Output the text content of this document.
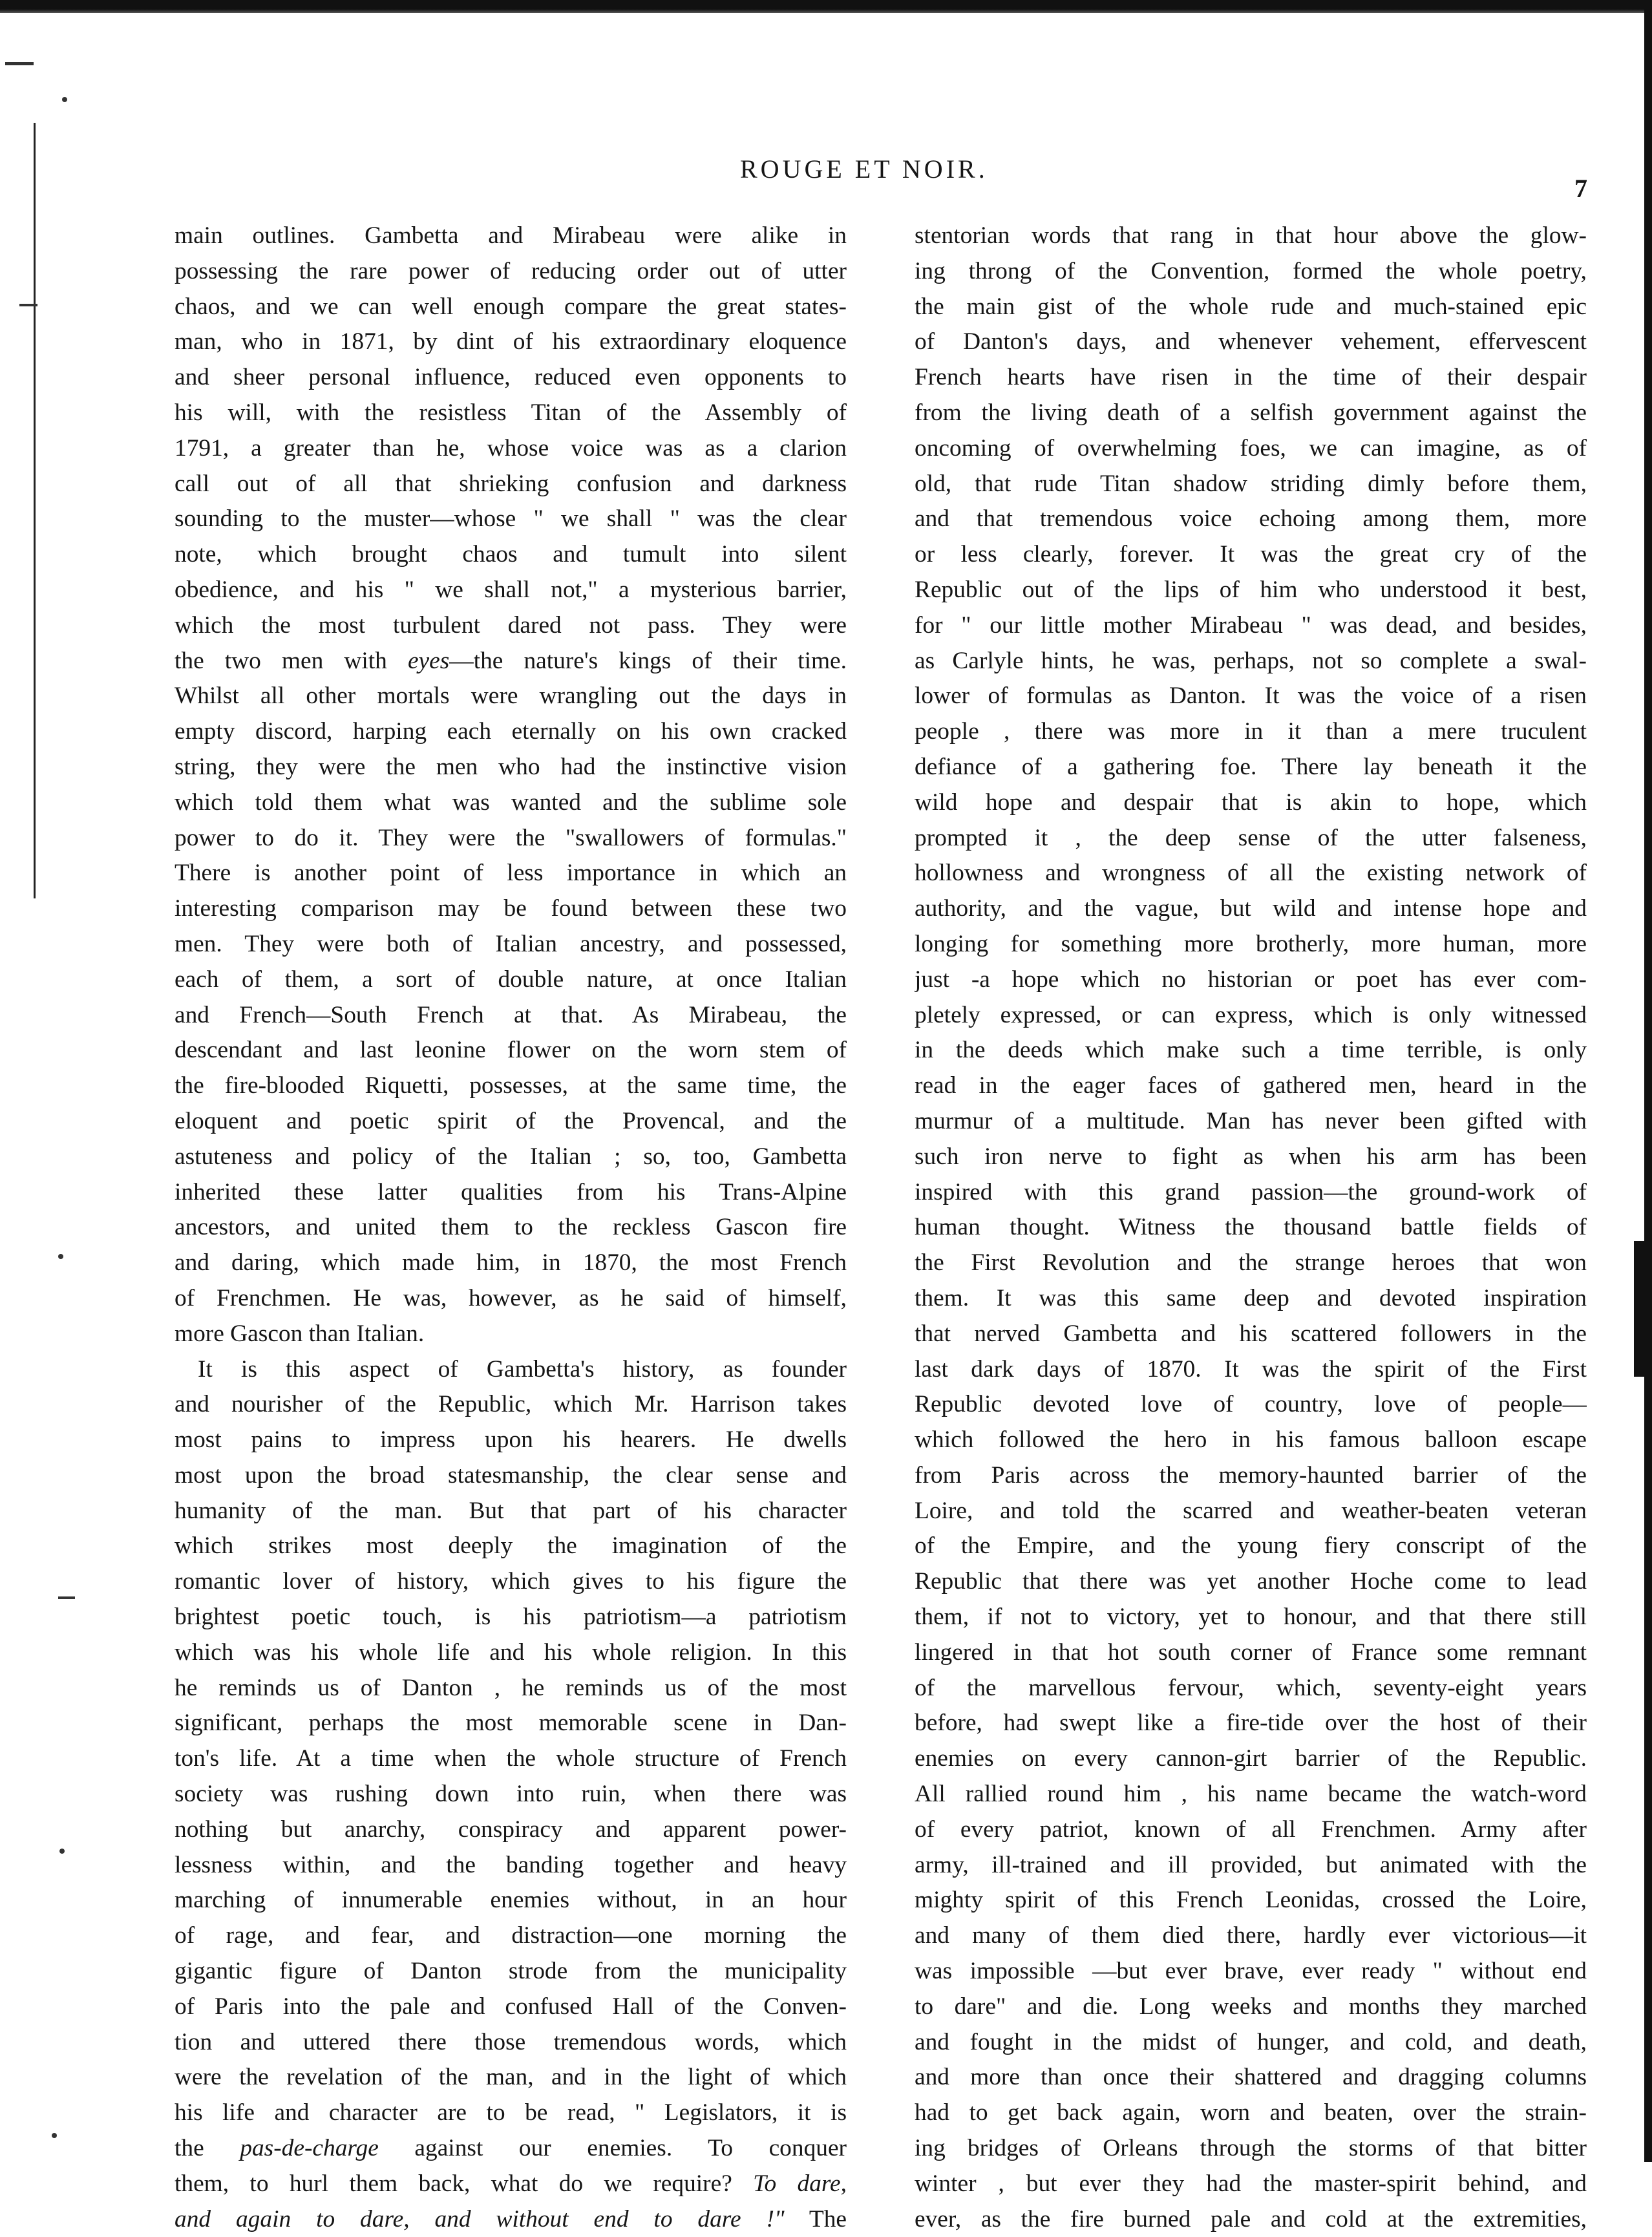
ROUGE ET NOIR.
7
main outlines. Gambetta and Mirabeau were alike in
possessing the rare power of reducing order out of utter
chaos, and we can well enough compare the great states-
man, who in 1871, by dint of his extraordinary eloquence
and sheer personal influence, reduced even opponents to
his will, with the resistless Titan of the Assembly of
1791, a greater than he, whose voice was as a clarion
call out of all that shrieking confusion and darkness
sounding to the muster—whose " we shall " was the clear
note, which brought chaos and tumult into silent
obedience, and his " we shall not," a mysterious barrier,
which the most turbulent dared not pass. They were
the two men with eyes—the nature's kings of their time.
Whilst all other mortals were wrangling out the days in
empty discord, harping each eternally on his own cracked
string, they were the men who had the instinctive vision
which told them what was wanted and the sublime sole
power to do it. They were the "swallowers of formulas."
There is another point of less importance in which an
interesting comparison may be found between these two
men. They were both of Italian ancestry, and possessed,
each of them, a sort of double nature, at once Italian
and French—South French at that. As Mirabeau, the
descendant and last leonine flower on the worn stem of
the fire-blooded Riquetti, possesses, at the same time, the
eloquent and poetic spirit of the Provencal, and the
astuteness and policy of the Italian ; so, too, Gambetta
inherited these latter qualities from his Trans-Alpine
ancestors, and united them to the reckless Gascon fire
and daring, which made him, in 1870, the most French
of Frenchmen. He was, however, as he said of himself,
more Gascon than Italian.
It is this aspect of Gambetta's history, as founder
and nourisher of the Republic, which Mr. Harrison takes
most pains to impress upon his hearers. He dwells
most upon the broad statesmanship, the clear sense and
humanity of the man. But that part of his character
which strikes most deeply the imagination of the
romantic lover of history, which gives to his figure the
brightest poetic touch, is his patriotism—a patriotism
which was his whole life and his whole religion. In this
he reminds us of Danton , he reminds us of the most
significant, perhaps the most memorable scene in Dan-
ton's life. At a time when the whole structure of French
society was rushing down into ruin, when there was
nothing but anarchy, conspiracy and apparent power-
lessness within, and the banding together and heavy
marching of innumerable enemies without, in an hour
of rage, and fear, and distraction—one morning the
gigantic figure of Danton strode from the municipality
of Paris into the pale and confused Hall of the Conven-
tion and uttered there those tremendous words, which
were the revelation of the man, and in the light of which
his life and character are to be read, " Legislators, it is
the pas-de-charge against our enemies. To conquer
them, to hurl them back, what do we require? To dare,
and again to dare, and without end to dare !" The
stentorian words that rang in that hour above the glow-
ing throng of the Convention, formed the whole poetry,
the main gist of the whole rude and much-stained epic
of Danton's days, and whenever vehement, effervescent
French hearts have risen in the time of their despair
from the living death of a selfish government against the
oncoming of overwhelming foes, we can imagine, as of
old, that rude Titan shadow striding dimly before them,
and that tremendous voice echoing among them, more
or less clearly, forever. It was the great cry of the
Republic out of the lips of him who understood it best,
for " our little mother Mirabeau " was dead, and besides,
as Carlyle hints, he was, perhaps, not so complete a swal-
lower of formulas as Danton. It was the voice of a risen
people , there was more in it than a mere truculent
defiance of a gathering foe. There lay beneath it the
wild hope and despair that is akin to hope, which
prompted it , the deep sense of the utter falseness,
hollowness and wrongness of all the existing network of
authority, and the vague, but wild and intense hope and
longing for something more brotherly, more human, more
just -a hope which no historian or poet has ever com-
pletely expressed, or can express, which is only witnessed
in the deeds which make such a time terrible, is only
read in the eager faces of gathered men, heard in the
murmur of a multitude. Man has never been gifted with
such iron nerve to fight as when his arm has been
inspired with this grand passion—the ground-work of
human thought. Witness the thousand battle fields of
the First Revolution and the strange heroes that won
them. It was this same deep and devoted inspiration
that nerved Gambetta and his scattered followers in the
last dark days of 1870. It was the spirit of the First
Republic devoted love of country, love of people—
which followed the hero in his famous balloon escape
from Paris across the memory-haunted barrier of the
Loire, and told the scarred and weather-beaten veteran
of the Empire, and the young fiery conscript of the
Republic that there was yet another Hoche come to lead
them, if not to victory, yet to honour, and that there still
lingered in that hot south corner of France some remnant
of the marvellous fervour, which, seventy-eight years
before, had swept like a fire-tide over the host of their
enemies on every cannon-girt barrier of the Republic.
All rallied round him , his name became the watch-word
of every patriot, known of all Frenchmen. Army after
army, ill-trained and ill provided, but animated with the
mighty spirit of this French Leonidas, crossed the Loire,
and many of them died there, hardly ever victorious—it
was impossible —but ever brave, ever ready " without end
to dare" and die. Long weeks and months they marched
and fought in the midst of hunger, and cold, and death,
and more than once their shattered and dragging columns
had to get back again, worn and beaten, over the strain-
ing bridges of Orleans through the storms of that bitter
winter , but ever they had the master-spirit behind, and
ever, as the fire burned pale and cold at the extremities,
